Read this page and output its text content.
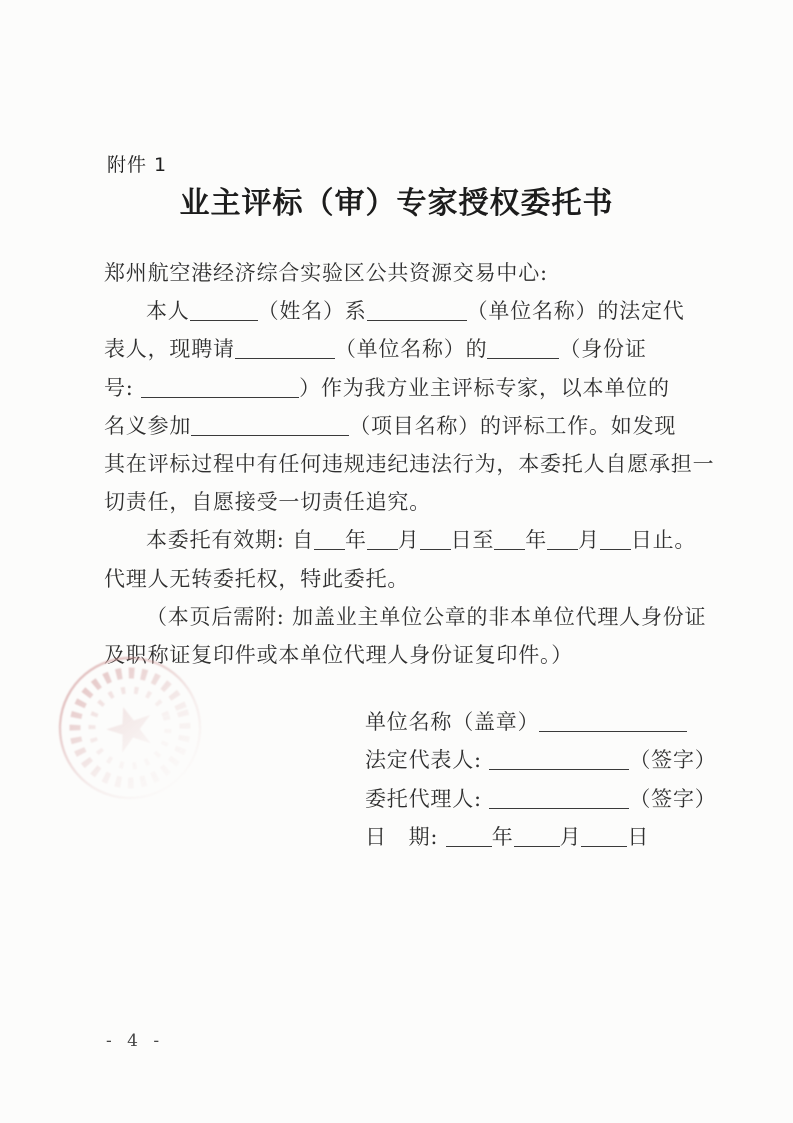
附件 1
业主评标（审）专家授权委托书
郑州航空港经济综合实验区公共资源交易中心:
本人	（姓名）系	（单位名称）的法定代
表人，现聘请	（单位名称）的	（身份证
号:	）作为我方业主评标专家，以本单位的
名义参加	（项目名称）的评标工作。如发现
其在评标过程中有任何违规违纪违法行为，本委托人自愿承担一
切责任，自愿接受一切责任追究。
本委托有效期: 自 年 月 日至 年 月 日止。
代理人无转委托权，特此委托。
（本页后需附: 加盖业主单位公章的非本单位代理人身份证
及职称证复印件或本单位代理人身份证复印件。）
单位名称（盖章）
法定代表人:	（签字）
委托代理人:	（签字）
日　期: 年 月 日
- 4 -
